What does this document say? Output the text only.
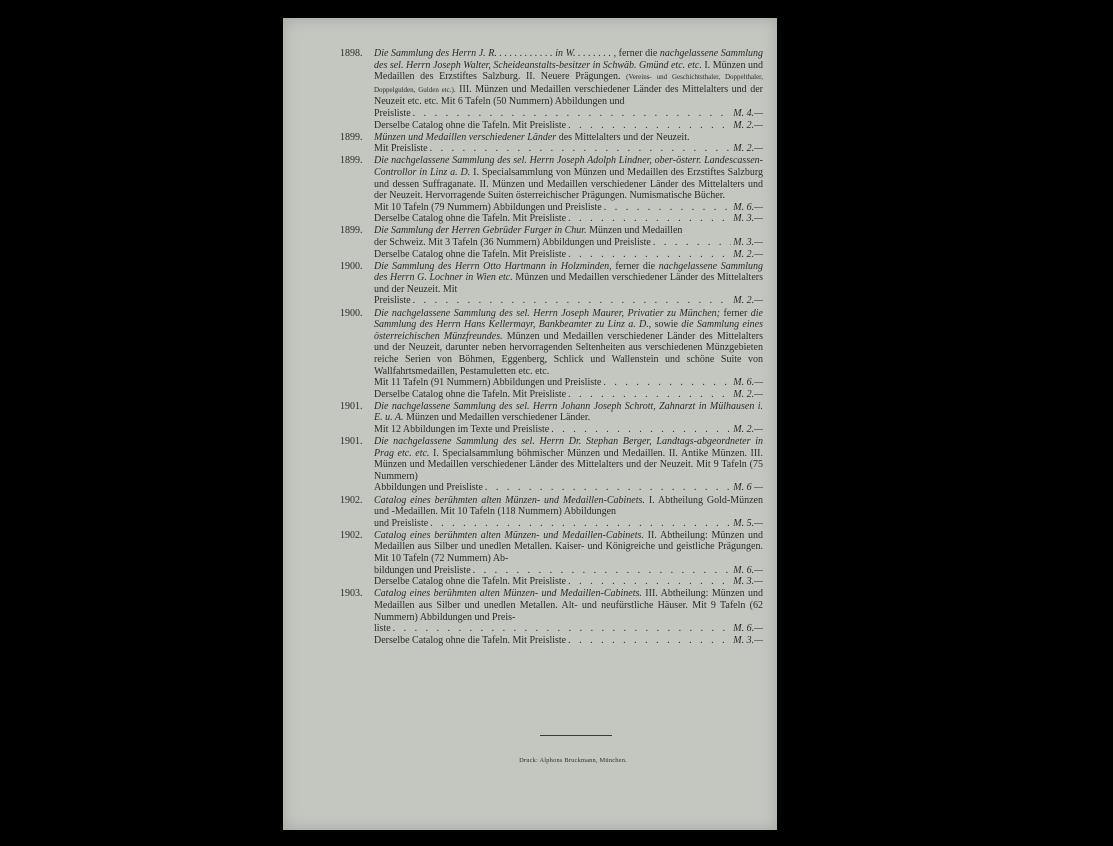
1898.	Die Sammlung des Herrn J. R. . . . . . . . . . . . in W. . . . . . . . , ferner die nachgelassene Sammlung des sel. Herrn Joseph Walter, Scheideanstalts-besitzer in Schwäb. Gmünd etc. etc. I. Münzen und Medaillen des Erzstiftes Salzburg. II. Neuere Prägungen. (Vereins- und Geschichtsthaler, Doppelthaler, Doppelgulden, Gulden etc.). III. Münzen und Medaillen verschiedener Länder des Mittelalters und der Neuzeit etc. etc. Mit 6 Tafeln (50 Nummern) Abbildungen und
Preisliste . . .	M. 4.—
Derselbe Catalog ohne die Tafeln. Mit Preisliste . . .	M. 2.—
1899.	Münzen und Medaillen verschiedener Länder des Mittelalters und der Neuzeit.
Mit Preisliste . . .	M. 2.—
1899.	Die nachgelassene Sammlung des sel. Herrn Joseph Adolph Lindner, ober-österr. Landescassen-Controllor in Linz a. D. I. Specialsammlung von Münzen und Medaillen des Erzstiftes Salzburg und dessen Suffraganate. II. Münzen und Medaillen verschiedener Länder des Mittelalters und der Neuzeit. Hervorragende Suiten österreichischer Prägungen. Numismatische Bücher.
Mit 10 Tafeln (79 Nummern) Abbildungen und Preisliste . . .	M. 6.—
Derselbe Catalog ohne die Tafeln. Mit Preisliste . . .	M. 3.—
1899.	Die Sammlung der Herren Gebrüder Furger in Chur. Münzen und Medaillen
der Schweiz. Mit 3 Tafeln (36 Nummern) Abbildungen und Preisliste . . .	M. 3.—
Derselbe Catalog ohne die Tafeln. Mit Preisliste . . .	M. 2.—
1900.	Die Sammlung des Herrn Otto Hartmann in Holzminden, ferner die nachgelassene Sammlung des Herrn G. Lochner in Wien etc. Münzen und Medaillen verschiedener Länder des Mittelalters und der Neuzeit. Mit
Preisliste . . .	M. 2.—
1900.	Die nachgelassene Sammlung des sel. Herrn Joseph Maurer, Privatier zu München; ferner die Sammlung des Herrn Hans Kellermayr, Bankbeamter zu Linz a. D., sowie die Sammlung eines österreichischen Münzfreundes. Münzen und Medaillen verschiedener Länder des Mittelalters und der Neuzeit, darunter neben hervorragenden Seltenheiten aus verschiedenen Münzgebieten reiche Serien von Böhmen, Eggenberg, Schlick und Wallenstein und schöne Suite von Wallfahrtsmedaillen, Pestamuletten etc. etc.
Mit 11 Tafeln (91 Nummern) Abbildungen und Preisliste . . .	M. 6.—
Derselbe Catalog ohne die Tafeln. Mit Preisliste . . .	M. 2.—
1901.	Die nachgelassene Sammlung des sel. Herrn Johann Joseph Schrott, Zahnarzt in Mülhausen i. E. u. A. Münzen und Medaillen verschiedener Länder.
Mit 12 Abbildungen im Texte und Preisliste . . .	M. 2.—
1901.	Die nachgelassene Sammlung des sel. Herrn Dr. Stephan Berger, Landtags-abgeordneter in Prag etc. etc. I. Specialsammlung böhmischer Münzen und Medaillen. II. Antike Münzen. III. Münzen und Medaillen verschiedener Länder des Mittelalters und der Neuzeit. Mit 9 Tafeln (75 Nummern)
Abbildungen und Preisliste . . .	M. 6 —
1902.	Catalog eines berühmten alten Münzen- und Medaillen-Cabinets. I. Abtheilung Gold-Münzen und -Medaillen. Mit 10 Tafeln (118 Nummern) Abbildungen
und Preisliste . . .	M. 5.—
1902.	Catalog eines berühmten alten Münzen- und Medaillen-Cabinets. II. Abtheilung: Münzen und Medaillen aus Silber und unedlen Metallen. Kaiser- und Königreiche und geistliche Prägungen. Mit 10 Tafeln (72 Nummern) Ab-
bildungen und Preisliste . . .	M. 6.—
Derselbe Catalog ohne die Tafeln. Mit Preisliste . . .	M. 3.—
1903.	Catalog eines berühmten alten Münzen- und Medaillen-Cabinets. III. Abtheilung: Münzen und Medaillen aus Silber und unedlen Metallen. Alt- und neufürstliche Häuser. Mit 9 Tafeln (62 Nummern) Abbildungen und Preis-
liste . . .	M. 6.—
Derselbe Catalog ohne die Tafeln. Mit Preisliste . . .	M. 3.—
Druck: Alphons Bruckmann, München.
